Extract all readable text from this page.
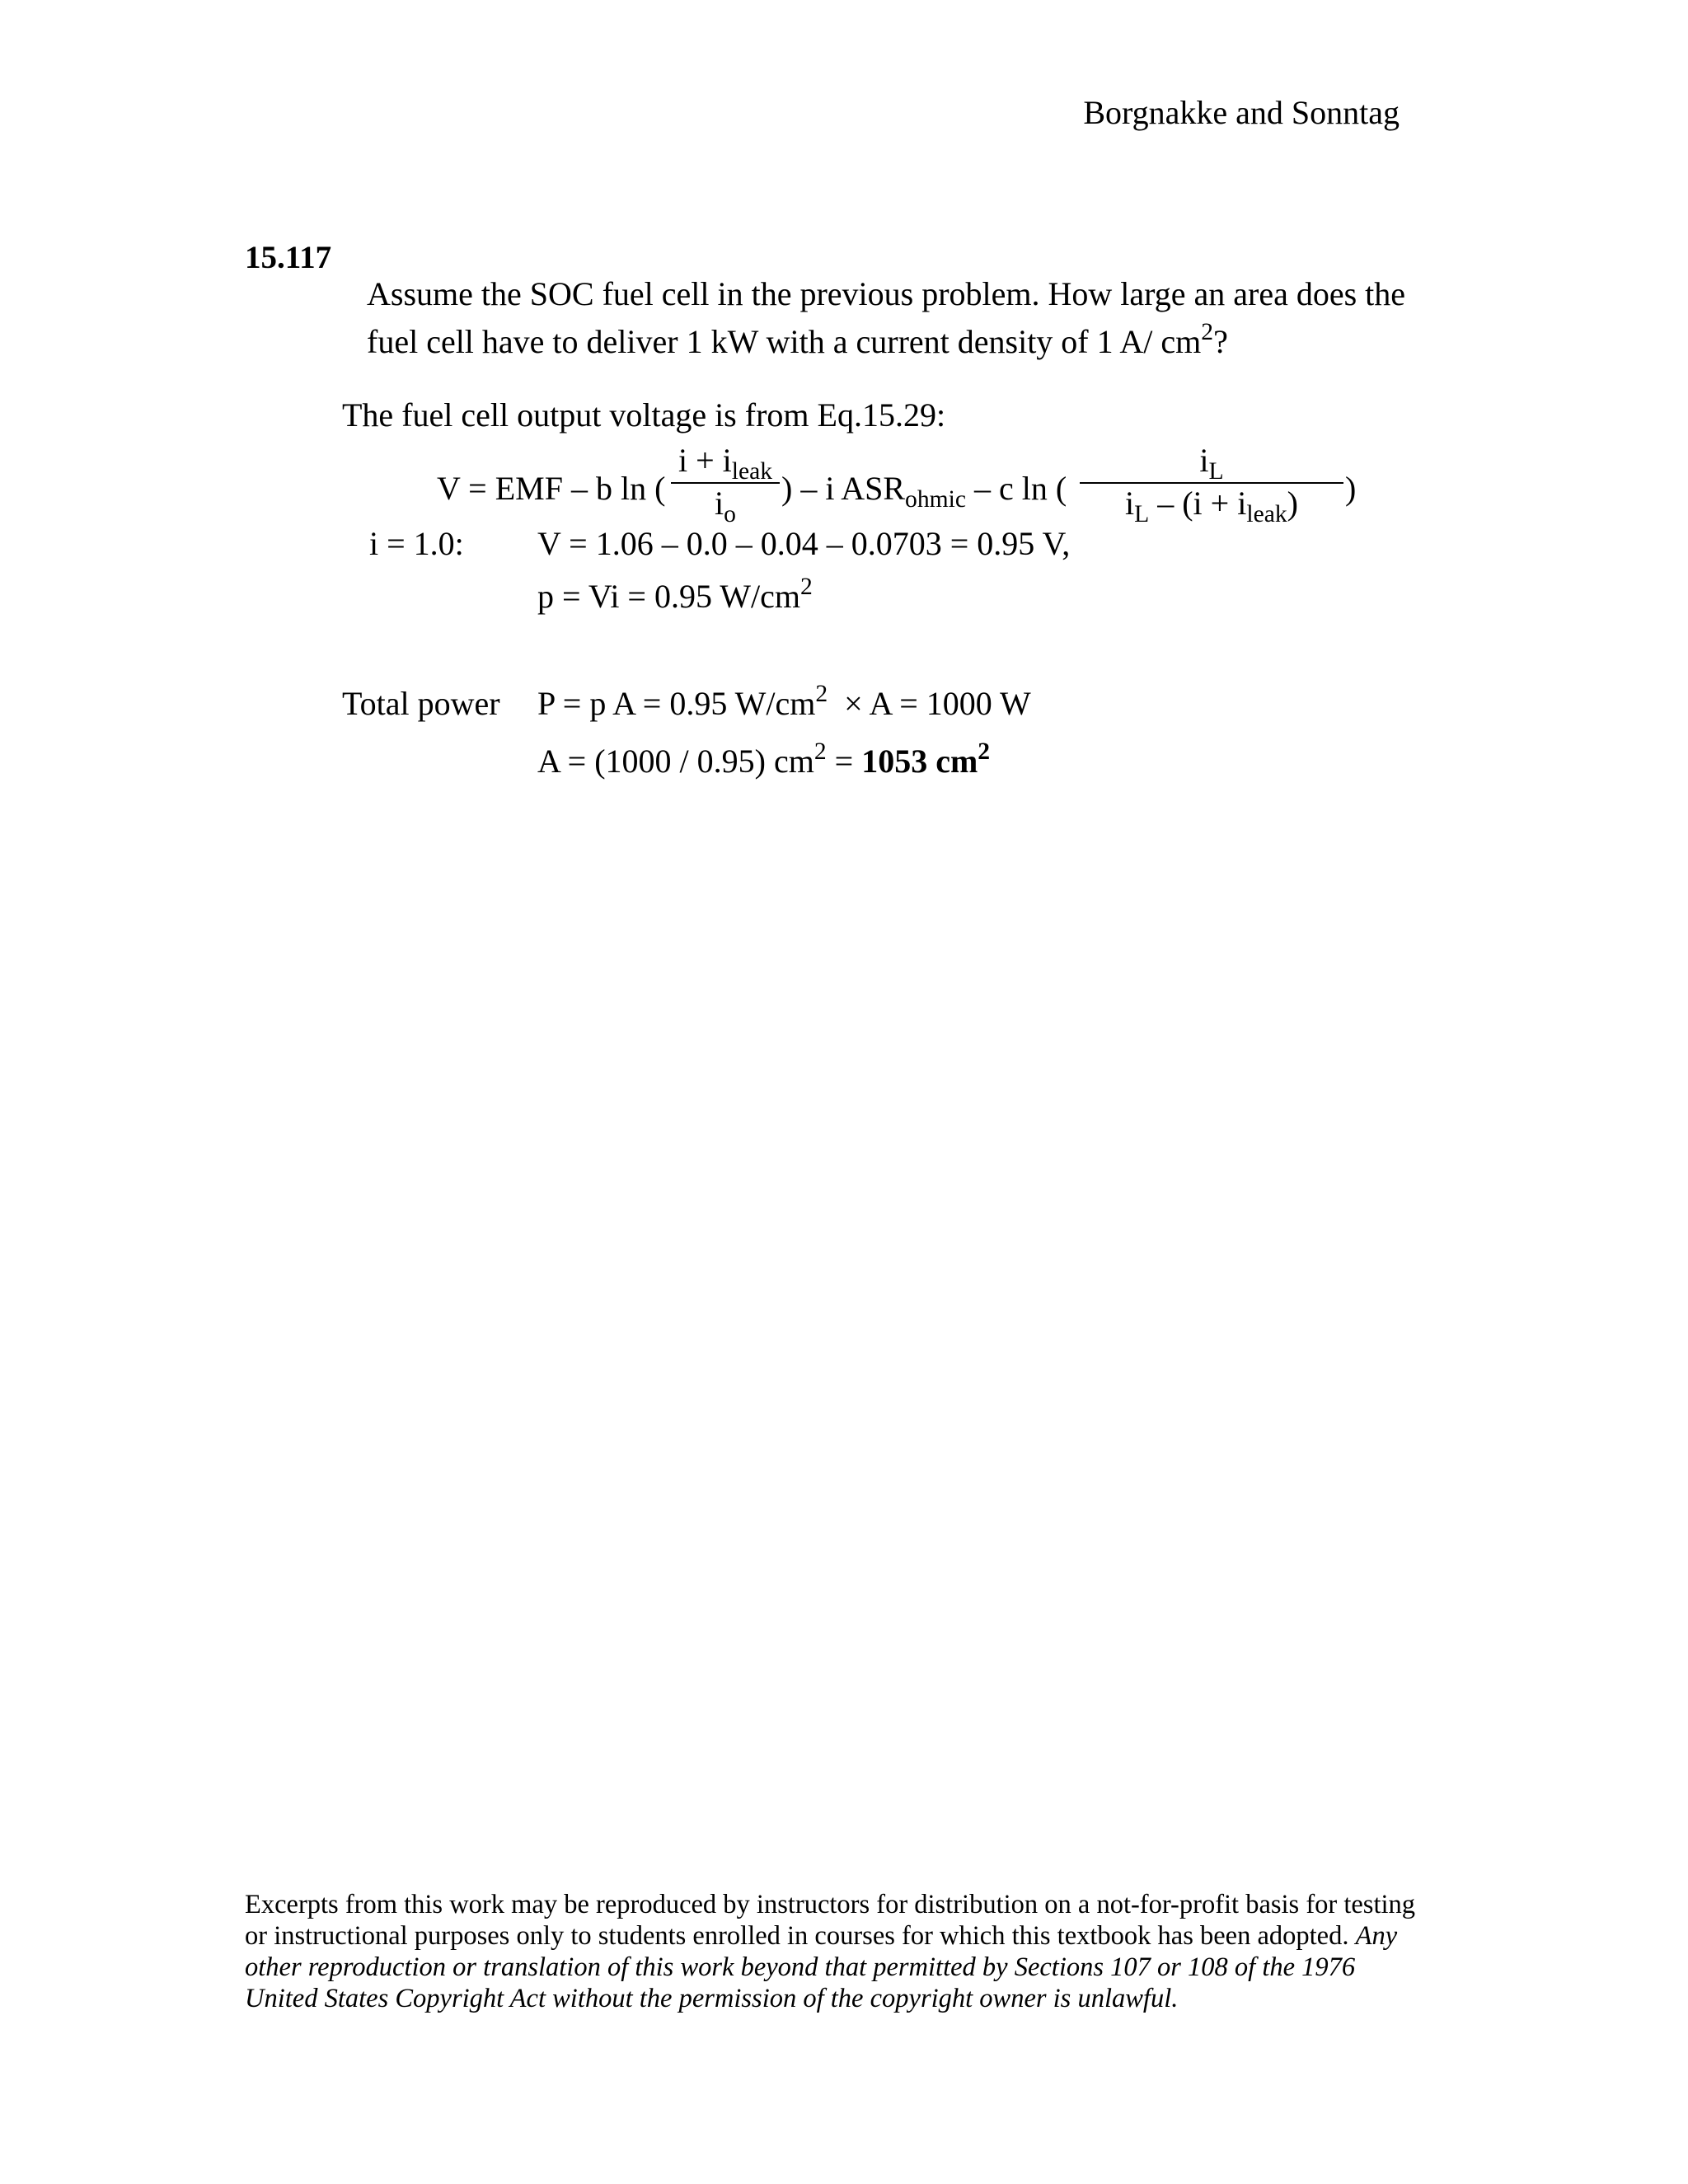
Borgnakke and Sonntag
15.117
Assume the SOC fuel cell in the previous problem. How large an area does the
fuel cell have to deliver 1 kW with a current density of 1 A/ $cm^2$?
The fuel cell output voltage is from Eq.15.29:
V = EMF – b ln (
$i + i_{leak}$
$i_o$
) – i $ASR_{ohmic}$ – c ln (
$i_L$
$i_L - (i + i_{leak})$	)
i = 1.0: V = 1.06 – 0.0 – 0.04 – 0.0703 = 0.95 V,
p = Vi = 0.95 $W/cm^2$
Total power P = p A = 0.95 $W/cm^2 \times A = 1000$ W
A = (1000 / 0.95) $cm^2 = 1053$ $cm^2$
Excerpts from this work may be reproduced by instructors for distribution on a not-for-profit basis for testing or instructional purposes only to students enrolled in courses for which this textbook has been adopted. Any other reproduction or translation of this work beyond that permitted by Sections 107 or 108 of the 1976 United States Copyright Act without the permission of the copyright owner is unlawful.
